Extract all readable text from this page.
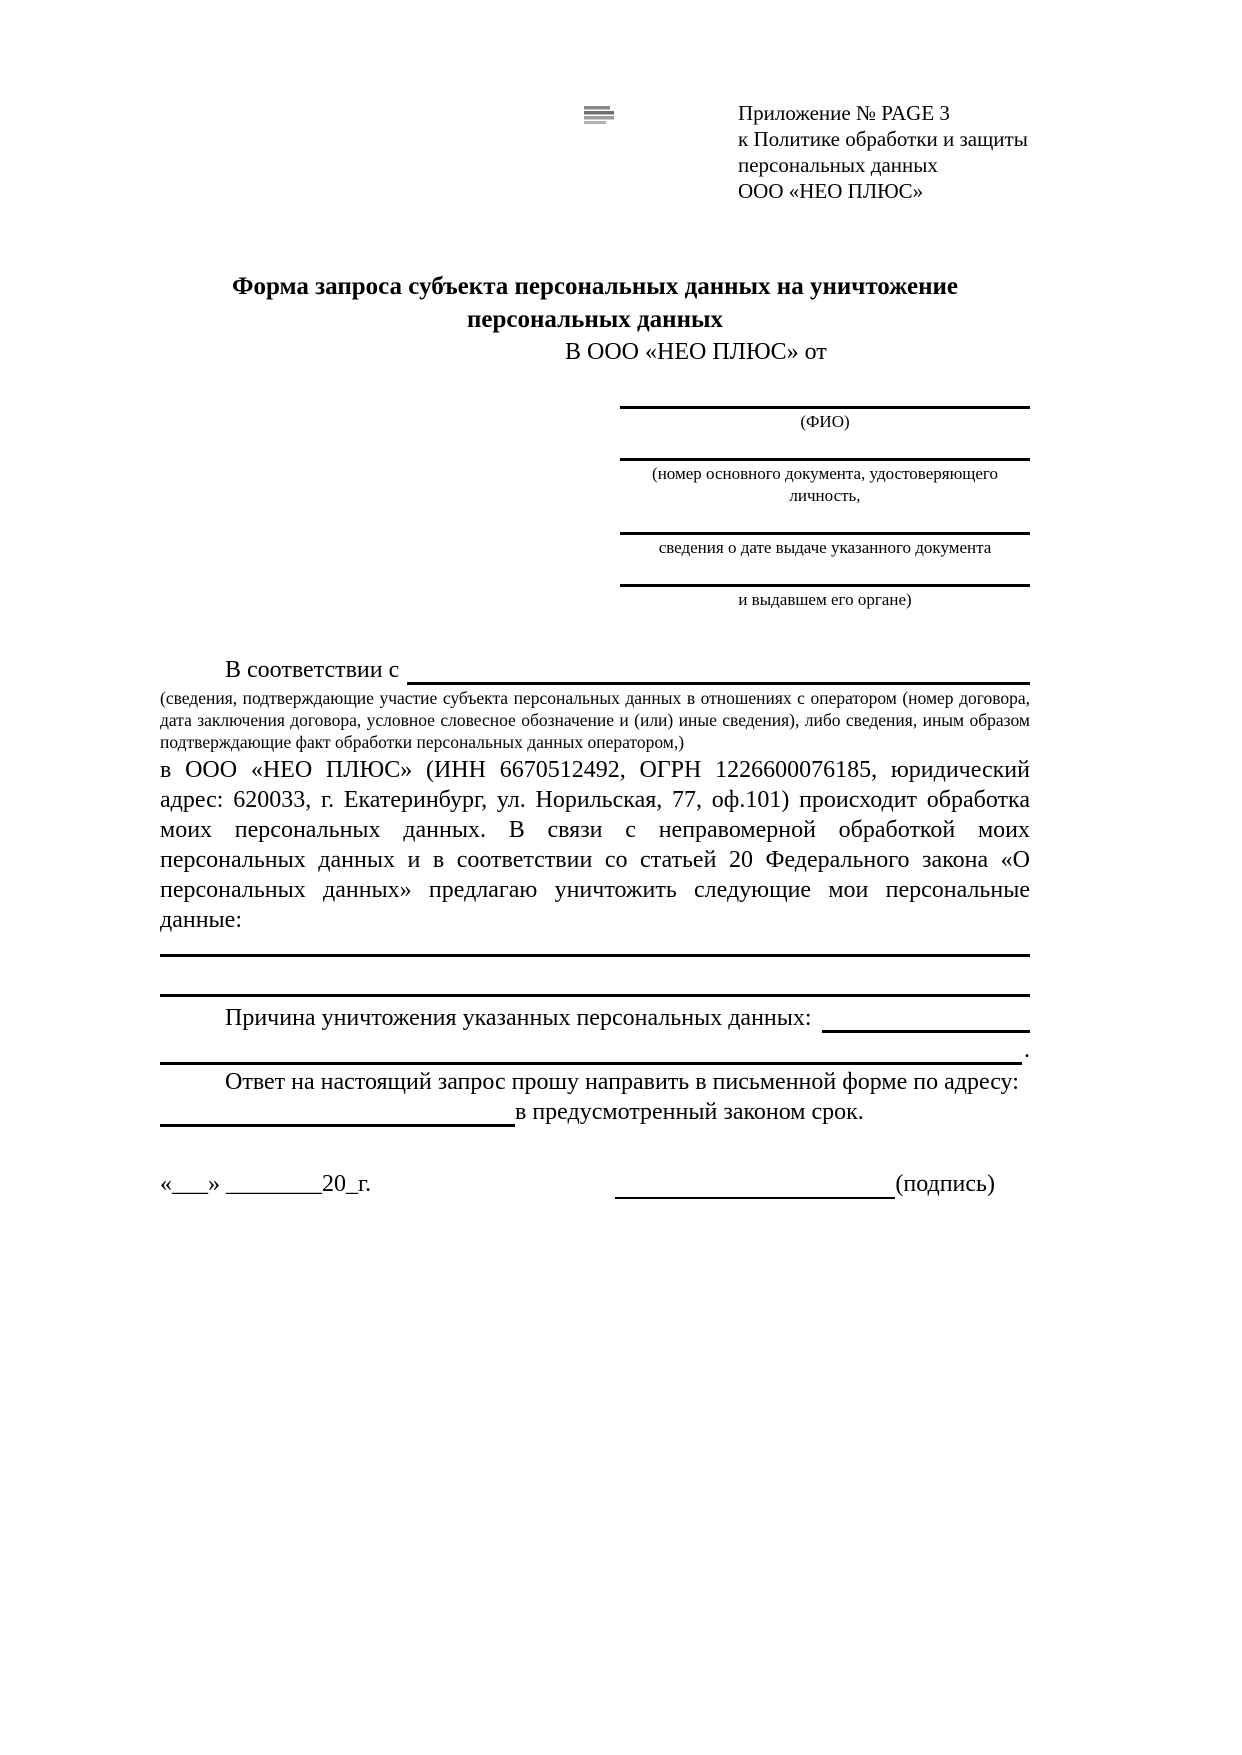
Приложение № PAGE 3
к Политике обработки и защиты
персональных данных
ООО «НЕО ПЛЮС»
Форма запроса субъекта персональных данных на уничтожение персональных данных
В ООО «НЕО ПЛЮС» от
(ФИО)
(номер основного документа, удостоверяющего личность,
сведения о дате выдаче указанного документа
и выдавшем его органе)
В соответствии с
(сведения, подтверждающие участие субъекта персональных данных в отношениях с оператором (номер договора, дата заключения договора, условное словесное обозначение и (или) иные сведения), либо сведения, иным образом подтверждающие факт обработки персональных данных оператором,)
в ООО «НЕО ПЛЮС» (ИНН 6670512492, ОГРН 1226600076185, юридический адрес: 620033, г. Екатеринбург, ул. Норильская, 77, оф.101) происходит обработка моих персональных данных. В связи с неправомерной обработкой моих персональных данных и в соответствии со статьей 20 Федерального закона «О персональных данных» предлагаю уничтожить следующие мои персональные данные:
Причина уничтожения указанных персональных данных:
.
Ответ на настоящий запрос прошу направить в письменной форме по адресу:
в предусмотренный законом срок.
«___» ________20_г.	(подпись)
